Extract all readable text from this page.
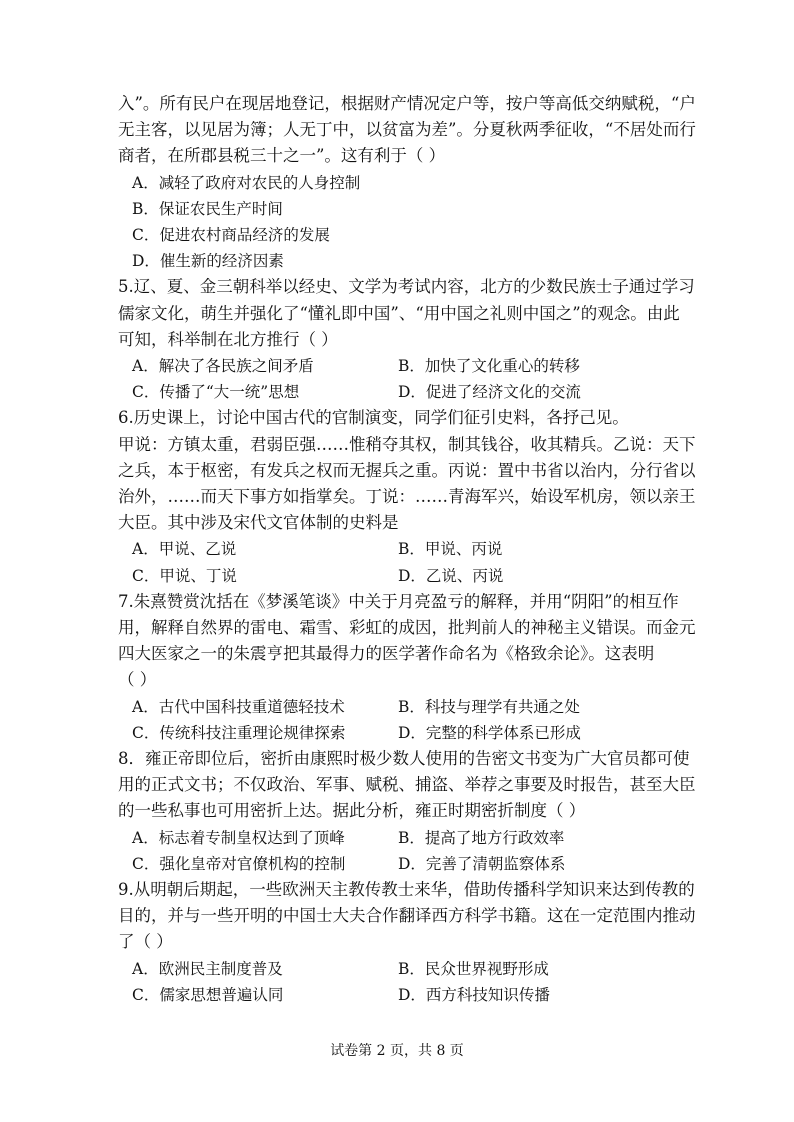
入”。所有民户在现居地登记，根据财产情况定户等，按户等高低交纳赋税，“户
无主客，以见居为簿；人无丁中，以贫富为差”。分夏秋两季征收，“不居处而行
商者，在所郡县税三十之一”。这有利于（ ）
A．减轻了政府对农民的人身控制
B．保证农民生产时间
C．促进农村商品经济的发展
D．催生新的经济因素
5.辽、夏、金三朝科举以经史、文学为考试内容，北方的少数民族士子通过学习
儒家文化，萌生并强化了“懂礼即中国”、“用中国之礼则中国之”的观念。由此
可知，科举制在北方推行（ ）
A．解决了各民族之间矛盾	B．加快了文化重心的转移
C．传播了“大一统”思想	D．促进了经济文化的交流
6.历史课上，讨论中国古代的官制演变，同学们征引史料，各抒己见。
甲说：方镇太重，君弱臣强……惟稍夺其权，制其钱谷，收其精兵。乙说：天下
之兵，本于枢密，有发兵之权而无握兵之重。丙说：置中书省以治内，分行省以
治外，……而天下事方如指掌矣。丁说：……青海军兴，始设军机房，领以亲王
大臣。其中涉及宋代文官体制的史料是
A．甲说、乙说	B．甲说、丙说
C．甲说、丁说	D．乙说、丙说
7.朱熹赞赏沈括在《梦溪笔谈》中关于月亮盈亏的解释，并用“阴阳”的相互作
用，解释自然界的雷电、霜雪、彩虹的成因，批判前人的神秘主义错误。而金元
四大医家之一的朱震亨把其最得力的医学著作命名为《格致余论》。这表明
（ ）
A．古代中国科技重道德轻技术	B．科技与理学有共通之处
C．传统科技注重理论规律探索	D．完整的科学体系已形成
8．雍正帝即位后，密折由康熙时极少数人使用的告密文书变为广大官员都可使
用的正式文书；不仅政治、军事、赋税、捕盗、举荐之事要及时报告，甚至大臣
的一些私事也可用密折上达。据此分析，雍正时期密折制度（ ）
A．标志着专制皇权达到了顶峰	B．提高了地方行政效率
C．强化皇帝对官僚机构的控制	D．完善了清朝监察体系
9.从明朝后期起，一些欧洲天主教传教士来华，借助传播科学知识来达到传教的
目的，并与一些开明的中国士大夫合作翻译西方科学书籍。这在一定范围内推动
了（ ）
A．欧洲民主制度普及	B．民众世界视野形成
C．儒家思想普遍认同	D．西方科技知识传播
试卷第 2 页，共 8 页
